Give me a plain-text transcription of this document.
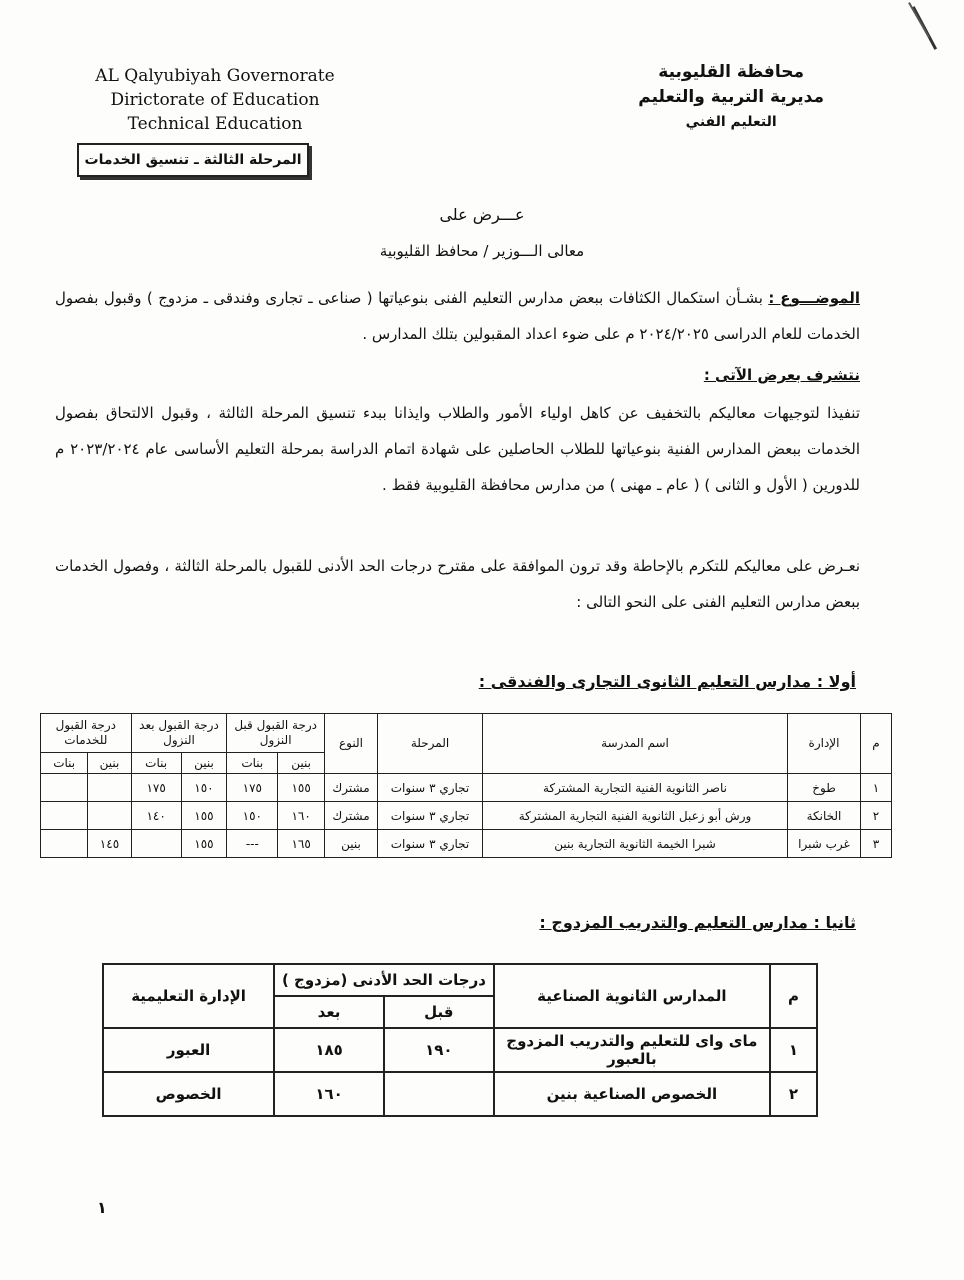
AL Qalyubiyah Governorate
Dirictorate of Education
Technical Education
محافظة القليوبية
مديرية التربية والتعليم
التعليم الفني
المرحلة الثالثة ـ تنسيق الخدمات
عـــرض على
معالى الـــوزير / محافظ القليوبية
الموضـــوع : بشـأن استكمال الكثافات ببعض مدارس التعليم الفنى بنوعياتها ( صناعى ـ تجارى وفندقى ـ مزدوج ) وقبول بفصول الخدمات للعام الدراسى ٢٠٢٤/٢٠٢٥ م على ضوء اعداد المقبولين بتلك المدارس .
نتشرف بعرض الآتى :
تنفيذا لتوجيهات معاليكم بالتخفيف عن كاهل اولياء الأمور والطلاب وايذانا ببدء تنسيق المرحلة الثالثة ، وقبول الالتحاق بفصول الخدمات ببعض المدارس الفنية بنوعياتها للطلاب الحاصلين على شهادة اتمام الدراسة بمرحلة التعليم الأساسى عام ٢٠٢٣/٢٠٢٤ م للدورين ( الأول و الثانى ) ( عام ـ مهنى ) من مدارس محافظة القليوبية فقط .
نعـرض على معاليكم للتكرم بالإحاطة وقد ترون الموافقة على مقترح درجات الحد الأدنى للقبول بالمرحلة الثالثة ، وفصول الخدمات ببعض مدارس التعليم الفنى على النحو التالى :
أولا : مدارس التعليم الثانوى التجارى والفندقى :
م	الإدارة	اسم المدرسة	المرحلة	النوع	درجة القبول قبل النزول		درجة القبول بعد النزول		درجة القبول للخدمات	
					بنين	بنات	بنين	بنات	بنين	بنات
١	طوخ	ناصر الثانوية الفنية التجارية المشتركة	تجاري ٣ سنوات	مشترك	١٥٥	١٧٥	١٥٠	١٧٥		
٢	الخانكة	ورش أبو زعبل الثانوية الفنية التجارية المشتركة	تجاري ٣ سنوات	مشترك	١٦٠	١٥٠	١٥٥	١٤٠		
٣	غرب شبرا	شبرا الخيمة الثانوية التجارية بنين	تجاري ٣ سنوات	بنين	١٦٥	---	١٥٥		١٤٥	
ثانيا : مدارس التعليم والتدريب المزدوج :
م	المدارس الثانوية الصناعية	درجات الحد الأدنى (مزدوج )		الإدارة التعليمية
		قبل	بعد	
١	ماى واى للتعليم والتدريب المزدوج بالعبور	١٩٠	١٨٥	العبور
٢	الخصوص الصناعية بنين		١٦٠	الخصوص
١
